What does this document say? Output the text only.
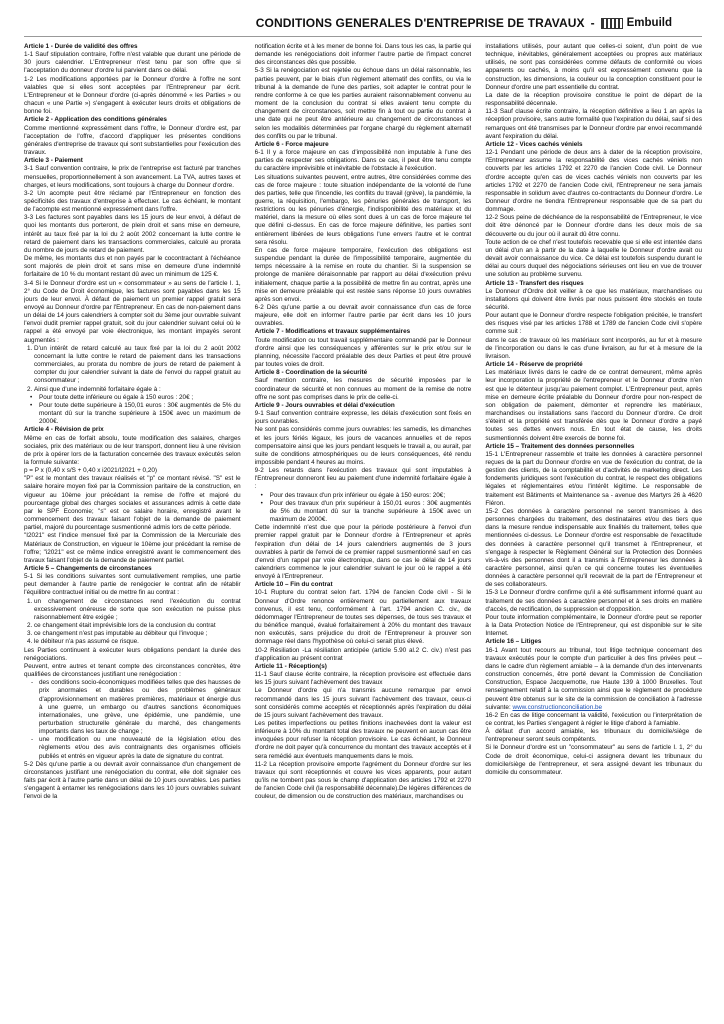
CONDITIONS GENERALES D'ENTREPRISE DE TRAVAUX -	Embuild

Article 1 - Durée de validité des offres

1-1 Sauf stipulation contraire, l'offre n'est valable que durant une période de 30 jours calendrier. L'Entrepreneur n'est tenu par son offre que si l'acceptation du donneur d'ordre lui parvient dans ce délai.

1-2 Les modifications apportées par le Donneur d'ordre à l'offre ne sont valables que si elles sont acceptées par l'Entrepreneur par écrit. L'Entrepreneur et le Donneur d'ordre (ci-après dénommé « les Parties » ou chacun « une Partie ») s'engagent à exécuter leurs droits et obligations de bonne foi.

Article 2 - Application des conditions générales

Comme mentionné expressément dans l'offre, le Donneur d'ordre est, par l'acceptation de l'offre, d'accord d'appliquer les présentes conditions générales d'entreprise de travaux qui sont substantielles pour l'exécution des travaux.

Article 3 - Paiement

3-1 Sauf convention contraire, le prix de l'entreprise est facturé par tranches mensuelles, proportionnellement à son avancement. La TVA, autres taxes et charges, et leurs modifications, sont toujours à charge du Donneur d'ordre.

3-2 Un acompte peut être réclamé par l'Entrepreneur en fonction des spécificités des travaux d'entreprise à effectuer. Le cas échéant, le montant de l'acompte est mentionné expressément dans l'offre.

3-3 Les factures sont payables dans les 15 jours de leur envoi, à défaut de quoi les montants dus porteront, de plein droit et sans mise en demeure, intérêt au taux fixé par la loi du 2 août 2002 concernant la lutte contre le retard de paiement dans les transactions commerciales, calculé au prorata du nombre de jours de retard de paiement.

De même, les montants dus et non payés par le cocontractant à l'échéance sont majorés de plein droit et sans mise en demeure d'une indemnité forfaitaire de 10 % du montant restant dû avec un minimum de 125 €.

3-4 Si le Donneur d'ordre est un « consommateur » au sens de l'article I. 1, 2° du Code de Droit économique, les factures sont payables dans les 15 jours de leur envoi. À défaut de paiement un premier rappel gratuit sera envoyé au Donneur d'ordre par l'Entrepreneur. En cas de non-paiement dans un délai de 14 jours calendriers à compter soit du 3ème jour ouvrable suivant l'envoi dudit premier rappel gratuit, soit du jour calendrier suivant celui où le rappel a été envoyé par voie électronique, les montant impayés seront augmentés :

1. D'un intérêt de retard calculé au taux fixé par la loi du 2 août 2002 concernant la lutte contre le retard de paiement dans les transactions commerciales, au prorata du nombre de jours de retard de paiement à compter du jour calendrier suivant la date de l'envoi du rappel gratuit au consommateur ;
2. Ainsi que d'une indemnité forfaitaire égale à :
• Pour toute dette inférieure ou égale à 150 euros : 20€ ;
• Pour toute dette supérieure à 150,01 euros : 30€ augmentés de 5% du montant dû sur la tranche supérieure à 150€ avec un maximum de 2000€.

Article 4 - Révision de prix

Même en cas de forfait absolu, toute modification des salaires, charges sociales, prix des matériaux ou de leur transport, donnent lieu à une révision de prix à opérer lors de la facturation concernée des travaux exécutés selon la formule suivante:

p = P x (0,40 x s/S + 0,40 x i2021/I2021 + 0,20)

"P" est le montant des travaux réalisés et "p" ce montant révisé. "S" est le salaire horaire moyen fixé par la Commission paritaire de la construction, en vigueur au 10ème jour précédant la remise de l'offre et majoré du pourcentage global des charges sociales et assurances admis à cette date par le SPF Economie; "s" est ce salaire horaire, enregistré avant le commencement des travaux faisant l'objet de la demande de paiement partiel, majoré du pourcentage susmentionné admis lors de cette période.

"I2021" est l'indice mensuel fixé par la Commission de la Mercuriale des Matériaux de Construction, en vigueur le 10ème jour précédant la remise de l'offre; "i2021" est ce même indice enregistré avant le commencement des travaux faisant l'objet de la demande de paiement partiel.

Article 5 – Changements de circonstances

5-1 Si les conditions suivantes sont cumulativement remplies, une partie peut demander à l'autre partie de renégocier le contrat afin de rétablir l'équilibre contractuel initial ou de mettre fin au contrat :

1. un changement de circonstances rend l'exécution du contrat excessivement onéreuse de sorte que son exécution ne puisse plus raisonnablement être exigée ;
2. ce changement était imprévisible lors de la conclusion du contrat
3. ce changement n'est pas imputable au débiteur qui l'invoque ;
4. le débiteur n'a pas assumé ce risque.

Les Parties continuent à exécuter leurs obligations pendant la durée des renégociations.

Peuvent, entre autres et tenant compte des circonstances concrètes, être qualifiées de circonstances justifiant une renégociation :

- des conditions socio-économiques modifiées telles que des hausses de prix anormales et durables ou des problèmes généraux d'approvisionnement en matières premières, matériaux et énergie dus à une guerre, un embargo ou d'autres sanctions économiques internationales, une grève, une épidémie, une pandémie, une perturbation structurelle générale du marché, des changements importants dans les taux de change ;
- une modification ou une nouveauté de la législation et/ou des règlements et/ou des avis contraignants des organismes officiels publiés et entrés en vigueur après la date de signature du contrat.

5-2 Dès qu'une partie a ou devrait avoir connaissance d'un changement de circonstances justifiant une renégociation du contrat, elle doit signaler ces faits par écrit à l'autre partie dans un délai de 10 jours ouvrables. Les parties s'engagent à entamer les renégociations dans les 10 jours ouvrables suivant l'envoi de la

notification écrite et à les mener de bonne foi. Dans tous les cas, la partie qui demande les renégociations doit informer l'autre partie de l'impact concret des circonstances dès que possible.

5-3 Si la renégociation est rejetée ou échoue dans un délai raisonnable, les parties peuvent, par le biais d'un règlement alternatif des conflits, ou via le tribunal à la demande de l'une des parties, soit adapter le contrat pour le rendre conforme à ce que les parties auraient raisonnablement convenu au moment de la conclusion du contrat si elles avaient tenu compte du changement de circonstances, soit mettre fin à tout ou partie du contrat à une date qui ne peut être antérieure au changement de circonstances et selon les modalités déterminées par l'organe chargé du règlement alternatif des conflits ou par le tribunal.

Article 6 - Force majeure

6-1 Il y a force majeure en cas d'impossibilité non imputable à l'une des parties de respecter ses obligations. Dans ce cas, il peut être tenu compte du caractère imprévisible et inévitable de l'obstacle à l'exécution.

Les situations suivantes peuvent, entre autres, être considérées comme des cas de force majeure : toute situation indépendante de la volonté de l'une des parties, telle que l'incendie, les conflits du travail (grève), la pandémie, la guerre, la réquisition, l'embargo, les pénuries générales de transport, les restrictions ou les pénuries d'énergie, l'indisponibilité des matériaux et du matériel, dans la mesure où elles sont dues à un cas de force majeure tel que défini ci-dessus. En cas de force majeure définitive, les parties sont entièrement libérées de leurs obligations l'une envers l'autre et le contrat sera résolu.

En cas de force majeure temporaire, l'exécution des obligations est suspendue pendant la durée de l'impossibilité temporaire, augmentée du temps nécessaire à la remise en route du chantier. Si la suspension se prolonge de manière déraisonnable par rapport au délai d'exécution prévu initialement, chaque partie a la possibilité de mettre fin au contrat, après une mise en demeure préalable qui est restée sans réponse 10 jours ouvrables après son envoi.

6-2 Dès qu'une partie a ou devrait avoir connaissance d'un cas de force majeure, elle doit en informer l'autre partie par écrit dans les 10 jours ouvrables.

Article 7 - Modifications et travaux supplémentaires

Toute modification ou tout travail supplémentaire commandé par le Donneur d'ordre ainsi que les conséquences y afférentes sur le prix et/ou sur le planning, nécessite l'accord préalable des deux Parties et peut être prouvé par toutes voies de droit.

Article 8 - Coordination de la sécurité

Sauf mention contraire, les mesures de sécurité imposées par le coordinateur de sécurité et non connues au moment de la remise de notre offre ne sont pas comprises dans le prix de celle-ci.

Article 9 - Jours ouvrables et délai d'exécution

9-1 Sauf convention contraire expresse, les délais d'exécution sont fixés en jours ouvrables.

Ne sont pas considérés comme jours ouvrables: les samedis, les dimanches et les jours fériés légaux, les jours de vacances annuelles et de repos compensatoire ainsi que les jours pendant lesquels le travail a, ou aurait, par suite de conditions atmosphériques ou de leurs conséquences, été rendu impossible pendant 4 heures au moins.

9-2 Les retards dans l'exécution des travaux qui sont imputables à l'Entrepreneur donneront lieu au paiement d'une indemnité forfaitaire égale à :

• Pour des travaux d'un prix inférieur ou égale à 150 euros: 20€;
• Pour des travaux d'un prix supérieur à 150,01 euros : 30€ augmentés de 5% du montant dû sur la tranche supérieure à 150€ avec un maximum de 2000€.

Cette indemnité n'est due que pour la période postérieure à l'envoi d'un premier rappel gratuit par le Donneur d'ordre à l'Entrepreneur et après l'expiration d'un délai de 14 jours calendriers augmentés de 3 jours ouvrables à partir de l'envoi de ce premier rappel susmentionné sauf en cas d'envoi d'un rappel par voie électronique, dans ce cas le délai de 14 jours calendriers commence le jour calendrier suivant le jour où le rappel a été envoyé à l'Entrepreneur.

Article 10 – Fin du contrat

10-1 Rupture du contrat selon l'art. 1794 de l'ancien Code civil - Si le Donneur d'Ordre renonce entièrement ou partiellement aux travaux convenus, il est tenu, conformément à l'art. 1794 ancien C. civ., de dédommager l'Entrepreneur de toutes ses dépenses, de tous ses travaux et du bénéfice manqué, évalué forfaitairement à 20% du montant des travaux non exécutés, sans préjudice du droit de l'Entrepreneur à prouver son dommage réel dans l'hypothèse où celui-ci serait plus élevé.

10-2 Résiliation -La résiliation anticipée (article 5.90 al.2 C. civ.) n'est pas d'application au présent contrat

Article 11 - Réception(s)

11-1 Sauf clause écrite contraire, la réception provisoire est effectuée dans les 15 jours suivant l'achèvement des travaux

Le Donneur d'ordre qui n'a transmis aucune remarque par envoi recommandé dans les 15 jours suivant l'achèvement des travaux, ceux-ci sont considérés comme acceptés et réceptionnés après l'expiration du délai de 15 jours suivant l'achèvement des travaux.

Les petites imperfections ou petites finitions inachevées dont la valeur est inférieure à 10% du montant total des travaux ne peuvent en aucun cas être invoquées pour refuser la réception provisoire. Le cas échéant, le Donneur d'ordre ne doit payer qu'à concurrence du montant des travaux acceptés et il sera remédié aux éventuels manquements dans le mois.

11-2 La réception provisoire emporte l'agrément du Donneur d'ordre sur les travaux qui sont réceptionnés et couvre les vices apparents, pour autant qu'ils ne tombent pas sous le champ d'application des articles 1792 et 2270 de l'ancien Code civil (la responsabilité décennale).De légères différences de couleur, de dimension ou de construction des matériaux, marchandises ou

installations utilisés, pour autant que celles-ci soient, d'un point de vue technique, inévitables, généralement acceptées ou propres aux matériaux utilisés, ne sont pas considérées comme défauts de conformité ou vices apparents ou cachés, à moins qu'il est expressément convenu que la construction, les dimensions, la couleur ou la conception constituent pour le Donneur d'ordre une part essentielle du contrat.

La date de la réception provisoire constitue le point de départ de la responsabilité décennale.

11-3 Sauf clause écrite contraire, la réception définitive a lieu 1 an après la réception provisoire, sans autre formalité que l'expiration du délai, sauf si des remarques ont été transmises par le Donneur d'ordre par envoi recommandé avant l'expiration du délai.

Article 12 - Vices cachés véniels

12-1 Pendant une période de deux ans à dater de la réception provisoire, l'Entrepreneur assume la responsabilité des vices cachés véniels non couverts par les articles 1792 et 2270 de l'ancien Code civil. Le Donneur d'ordre accepte qu'en cas de vices cachés véniels non couverts par les articles 1792 et 2270 de l'ancien Code civil, l'Entrepreneur ne sera jamais responsable in solidum avec d'autres co-contractants du Donneur d'ordre. Le Donneur d'ordre ne tiendra l'Entrepreneur responsable que de sa part du dommage.

12-2 Sous peine de déchéance de la responsabilité de l'Entrepreneur, le vice doit être dénoncé par le Donneur d'ordre dans les deux mois de sa découverte ou du jour où il aurait dû être connu.

Toute action de ce chef n'est toutefois recevable que si elle est intentée dans un délai d'un an à partir de la date à laquelle le Donneur d'ordre avait ou devait avoir connaissance du vice. Ce délai est toutefois suspendu durant le délai au cours duquel des négociations sérieuses ont lieu en vue de trouver une solution au problème survenu.

Article 13 - Transfert des risques

Le Donneur d'Ordre doit veiller à ce que les matériaux, marchandises ou installations qui doivent être livrés par nous puissent être stockés en toute sécurité.

Pour autant que le Donneur d'ordre respecte l'obligation précitée, le transfert des risques visé par les articles 1788 et 1789 de l'ancien Code civil s'opère comme suit :

dans le cas de travaux où les matériaux sont incorporés, au fur et à mesure de l'incorporation ou dans le cas d'une livraison, au fur et à mesure de la livraison.

Article 14 - Réserve de propriété

Les matériaux livrés dans le cadre de ce contrat demeurent, même après leur incorporation la propriété de l'entrepreneur et le Donneur d'ordre n'en est que le détenteur jusqu'au paiement complet. L'Entrepreneur peut, après mise en demeure écrite préalable du Donneur d'ordre pour non-respect de son obligation de paiement, démonter et reprendre les matériaux, marchandises ou installations sans l'accord du Donneur d'ordre. Ce droit s'éteint et la propriété est transférée dès que le Donneur d'ordre a payé toutes ses dettes envers nous. En tout état de cause, les droits susmentionnés doivent être exercés de bonne foi.

Article 15 – Traitement des données personnelles

15-1 L'Entrepreneur rassemble et traite les données à caractère personnel reçues de la part du Donneur d'ordre en vue de l'exécution du contrat, de la gestion des clients, de la comptabilité et d'activités de marketing direct. Les fondements juridiques sont l'exécution du contrat, le respect des obligations légales et réglementaires et/ou l'intérêt légitime. Le responsable de traitement est Bâtiments et Maintenance sa - avenue des Martyrs 26 à 4620 Fléron.

15-2 Ces données à caractère personnel ne seront transmises à des personnes chargées du traitement, des destinataires et/ou des tiers que dans la mesure rendue indispensable aux finalités du traitement, telles que mentionnées ci-dessus. Le Donneur d'ordre est responsable de l'exactitude des données à caractère personnel qu'il transmet à l'Entrepreneur, et s'engage à respecter le Règlement Général sur la Protection des Données vis-à-vis des personnes dont il a transmis à l'Entrepreneur les données à caractère personnel, ainsi qu'en ce qui concerne toutes les éventuelles données à caractère personnel qu'il recevrait de la part de l'Entrepreneur et de ses collaborateurs.

15-3 Le Donneur d'ordre confirme qu'il a été suffisamment informé quant au traitement de ses données à caractère personnel et à ses droits en matière d'accès, de rectification, de suppression et d'opposition.

Pour toute information complémentaire, le Donneur d'ordre peut se reporter à la Data Protection Notice de l'Entrepreneur, qui est disponible sur le site Internet.

Article 16 – Litiges

16-1 Avant tout recours au tribunal, tout litige technique concernant des travaux exécutés pour le compte d'un particulier à des fins privées peut – dans le cadre d'un règlement amiable – à la demande d'un des intervenants construction concernés, être porté devant la Commission de Conciliation Construction, Espace Jacquemotte, rue Haute 139 à 1000 Bruxelles. Tout renseignement relatif à la commission ainsi que le règlement de procédure peuvent être obtenus sur le site de la commission de conciliation à l'adresse suivante: www.constructionconciliation.be

16-2 En cas de litige concernant la validité, l'exécution ou l'interprétation de ce contrat, les Parties s'engagent à régler le litige d'abord à l'amiable.

À défaut d'un accord amiable, les tribunaux du domicile/siège de l'entrepreneur seront seuls compétents.

Si le Donneur d'ordre est un "consommateur" au sens de l'article I. 1, 2° du Code de droit économique, celui-ci assignera devant les tribunaux du domicile/siège de l'entrepreneur, et sera assigné devant les tribunaux du domicile du consommateur.
